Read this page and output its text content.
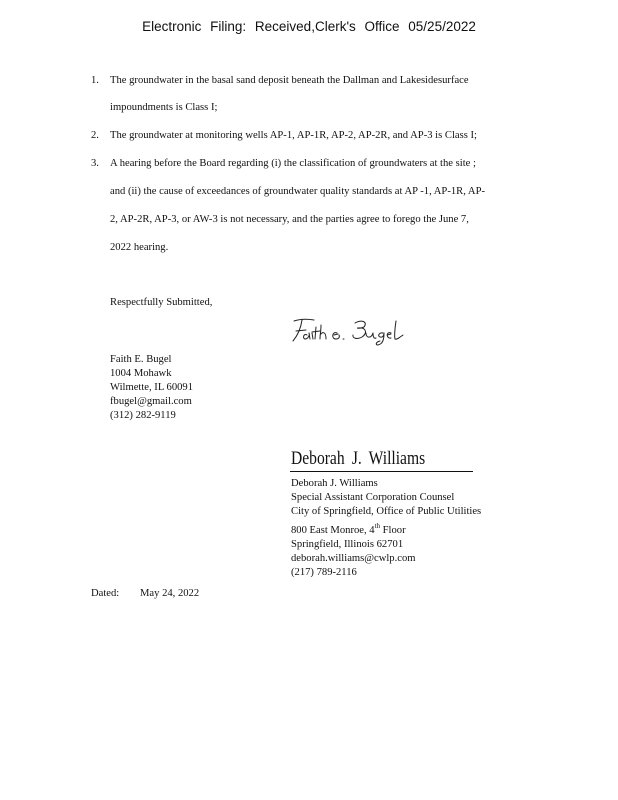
Electronic Filing: Received,Clerk's Office 05/25/2022
1. The groundwater in the basal sand deposit beneath the Dallman and Lakesidesurface
impoundments is Class I;
2. The groundwater at monitoring wells AP-1, AP-1R, AP-2, AP-2R, and AP-3 is Class I;
3. A hearing before the Board regarding (i) the classification of groundwaters at the site ;
and (ii) the cause of exceedances of groundwater quality standards at AP -1, AP-1R, AP-
2, AP-2R, AP-3, or AW-3 is not necessary, and the parties agree to forego the June 7,
2022 hearing.
Respectfully Submitted,
Faith E. Bugel
1004 Mohawk
Wilmette, IL 60091
fbugel@gmail.com
(312) 282-9119
Deborah J. Williams
Deborah J. Williams
Special Assistant Corporation Counsel
City of Springfield, Office of Public Utilities
800 East Monroe, 4th Floor
Springfield, Illinois 62701
deborah.williams@cwlp.com
(217) 789-2116
Dated: May 24, 2022
